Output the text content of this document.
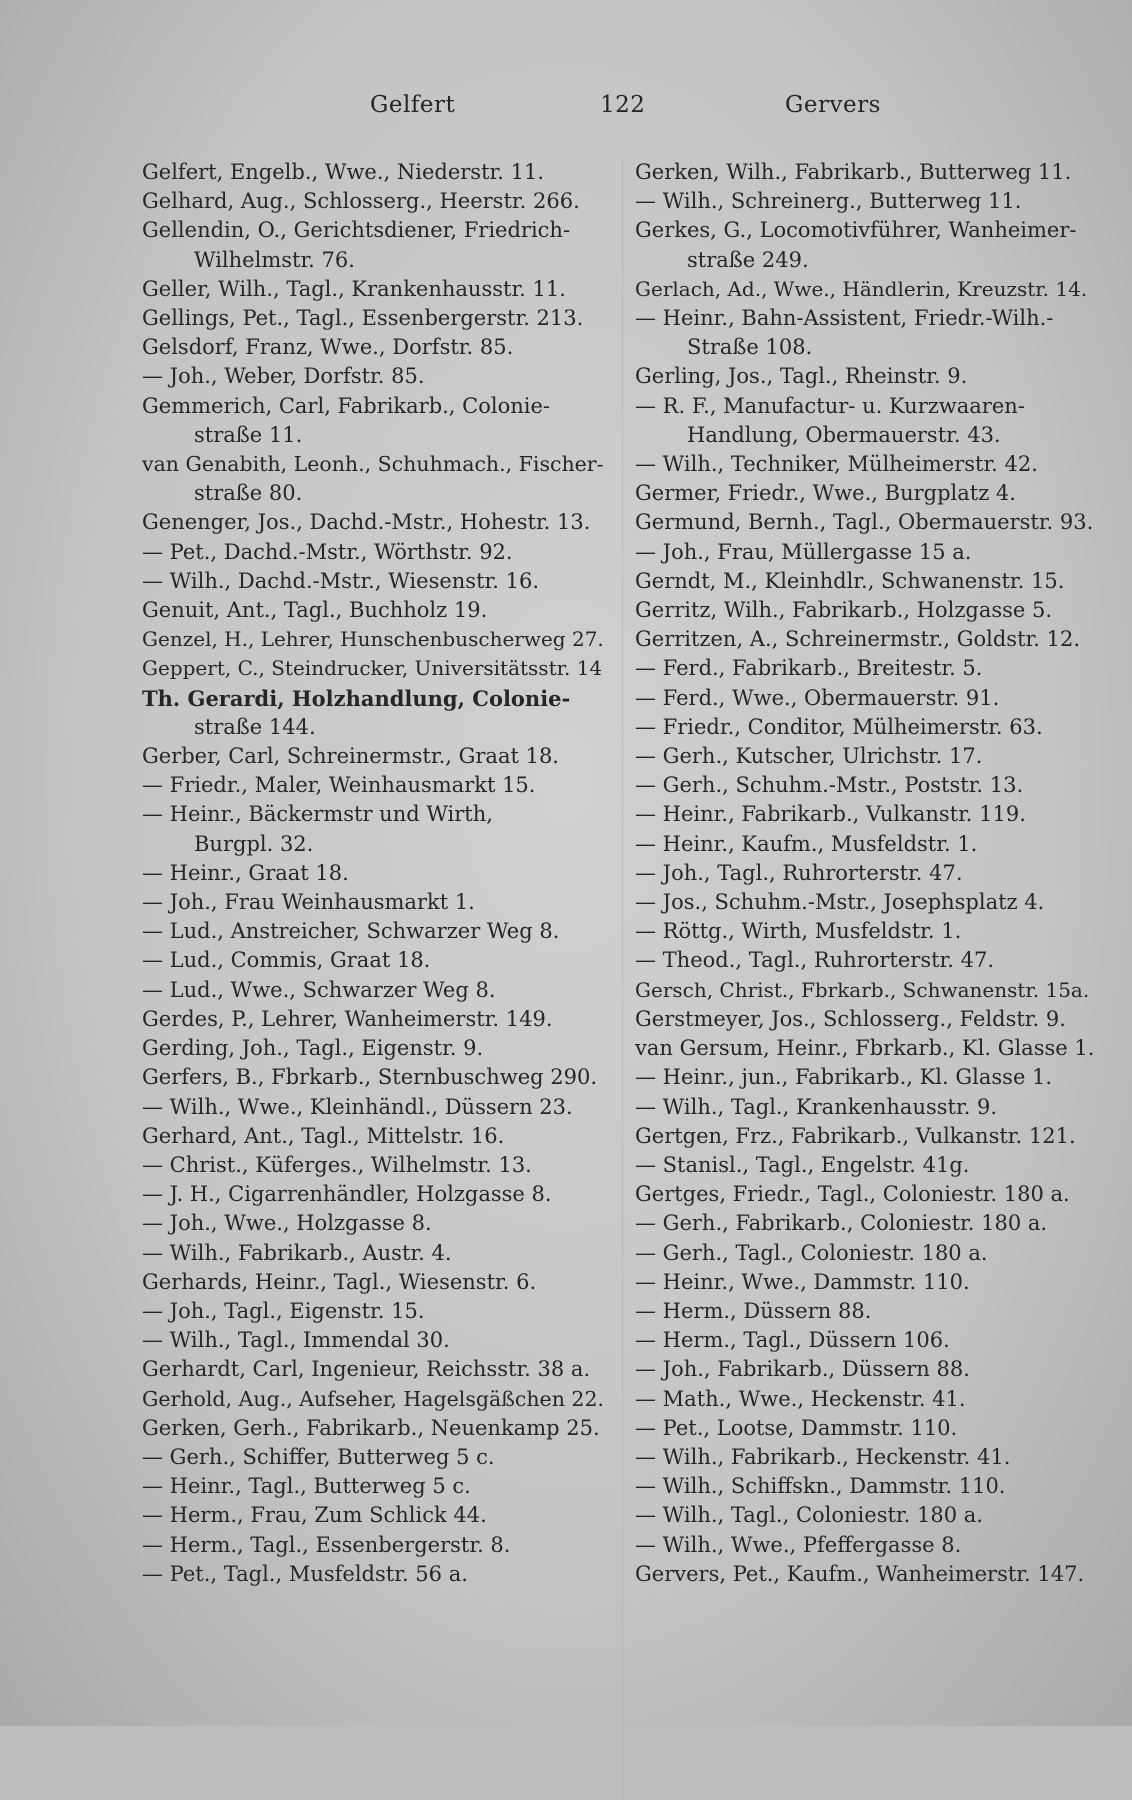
Gelfert	122	Gervers
Gelfert, Engelb., Wwe., Niederstr. 11.
Gelhard, Aug., Schlosserg., Heerstr. 266.
Gellendin, O., Gerichtsdiener, Friedrich-
Wilhelmstr. 76.
Geller, Wilh., Tagl., Krankenhausstr. 11.
Gellings, Pet., Tagl., Essenbergerstr. 213.
Gelsdorf, Franz, Wwe., Dorfstr. 85.
— Joh., Weber, Dorfstr. 85.
Gemmerich, Carl, Fabrikarb., Colonie-
straße 11.
van Genabith, Leonh., Schuhmach., Fischer-
straße 80.
Genenger, Jos., Dachd.-Mstr., Hohestr. 13.
— Pet., Dachd.-Mstr., Wörthstr. 92.
— Wilh., Dachd.-Mstr., Wiesenstr. 16.
Genuit, Ant., Tagl., Buchholz 19.
Genzel, H., Lehrer, Hunschenbuscherweg 27.
Geppert, C., Steindrucker, Universitätsstr. 14
Th. Gerardi, Holzhandlung, Colonie-
straße 144.
Gerber, Carl, Schreinermstr., Graat 18.
— Friedr., Maler, Weinhausmarkt 15.
— Heinr., Bäckermstr und Wirth,
Burgpl. 32.
— Heinr., Graat 18.
— Joh., Frau Weinhausmarkt 1.
— Lud., Anstreicher, Schwarzer Weg 8.
— Lud., Commis, Graat 18.
— Lud., Wwe., Schwarzer Weg 8.
Gerdes, P., Lehrer, Wanheimerstr. 149.
Gerding, Joh., Tagl., Eigenstr. 9.
Gerfers, B., Fbrkarb., Sternbuschweg 290.
— Wilh., Wwe., Kleinhändl., Düssern 23.
Gerhard, Ant., Tagl., Mittelstr. 16.
— Christ., Küferges., Wilhelmstr. 13.
— J. H., Cigarrenhändler, Holzgasse 8.
— Joh., Wwe., Holzgasse 8.
— Wilh., Fabrikarb., Austr. 4.
Gerhards, Heinr., Tagl., Wiesenstr. 6.
— Joh., Tagl., Eigenstr. 15.
— Wilh., Tagl., Immendal 30.
Gerhardt, Carl, Ingenieur, Reichsstr. 38 a.
Gerhold, Aug., Aufseher, Hagelsgäßchen 22.
Gerken, Gerh., Fabrikarb., Neuenkamp 25.
— Gerh., Schiffer, Butterweg 5 c.
— Heinr., Tagl., Butterweg 5 c.
— Herm., Frau, Zum Schlick 44.
— Herm., Tagl., Essenbergerstr. 8.
— Pet., Tagl., Musfeldstr. 56 a.
Gerken, Wilh., Fabrikarb., Butterweg 11.
— Wilh., Schreinerg., Butterweg 11.
Gerkes, G., Locomotivführer, Wanheimer-
straße 249.
Gerlach, Ad., Wwe., Händlerin, Kreuzstr. 14.
— Heinr., Bahn-Assistent, Friedr.-Wilh.-
Straße 108.
Gerling, Jos., Tagl., Rheinstr. 9.
— R. F., Manufactur- u. Kurzwaaren-
Handlung, Obermauerstr. 43.
— Wilh., Techniker, Mülheimerstr. 42.
Germer, Friedr., Wwe., Burgplatz 4.
Germund, Bernh., Tagl., Obermauerstr. 93.
— Joh., Frau, Müllergasse 15 a.
Gerndt, M., Kleinhdlr., Schwanenstr. 15.
Gerritz, Wilh., Fabrikarb., Holzgasse 5.
Gerritzen, A., Schreinermstr., Goldstr. 12.
— Ferd., Fabrikarb., Breitestr. 5.
— Ferd., Wwe., Obermauerstr. 91.
— Friedr., Conditor, Mülheimerstr. 63.
— Gerh., Kutscher, Ulrichstr. 17.
— Gerh., Schuhm.-Mstr., Poststr. 13.
— Heinr., Fabrikarb., Vulkanstr. 119.
— Heinr., Kaufm., Musfeldstr. 1.
— Joh., Tagl., Ruhrorterstr. 47.
— Jos., Schuhm.-Mstr., Josephsplatz 4.
— Röttg., Wirth, Musfeldstr. 1.
— Theod., Tagl., Ruhrorterstr. 47.
Gersch, Christ., Fbrkarb., Schwanenstr. 15a.
Gerstmeyer, Jos., Schlosserg., Feldstr. 9.
van Gersum, Heinr., Fbrkarb., Kl. Glasse 1.
— Heinr., jun., Fabrikarb., Kl. Glasse 1.
— Wilh., Tagl., Krankenhausstr. 9.
Gertgen, Frz., Fabrikarb., Vulkanstr. 121.
— Stanisl., Tagl., Engelstr. 41g.
Gertges, Friedr., Tagl., Coloniestr. 180 a.
— Gerh., Fabrikarb., Coloniestr. 180 a.
— Gerh., Tagl., Coloniestr. 180 a.
— Heinr., Wwe., Dammstr. 110.
— Herm., Düssern 88.
— Herm., Tagl., Düssern 106.
— Joh., Fabrikarb., Düssern 88.
— Math., Wwe., Heckenstr. 41.
— Pet., Lootse, Dammstr. 110.
— Wilh., Fabrikarb., Heckenstr. 41.
— Wilh., Schiffskn., Dammstr. 110.
— Wilh., Tagl., Coloniestr. 180 a.
— Wilh., Wwe., Pfeffergasse 8.
Gervers, Pet., Kaufm., Wanheimerstr. 147.
